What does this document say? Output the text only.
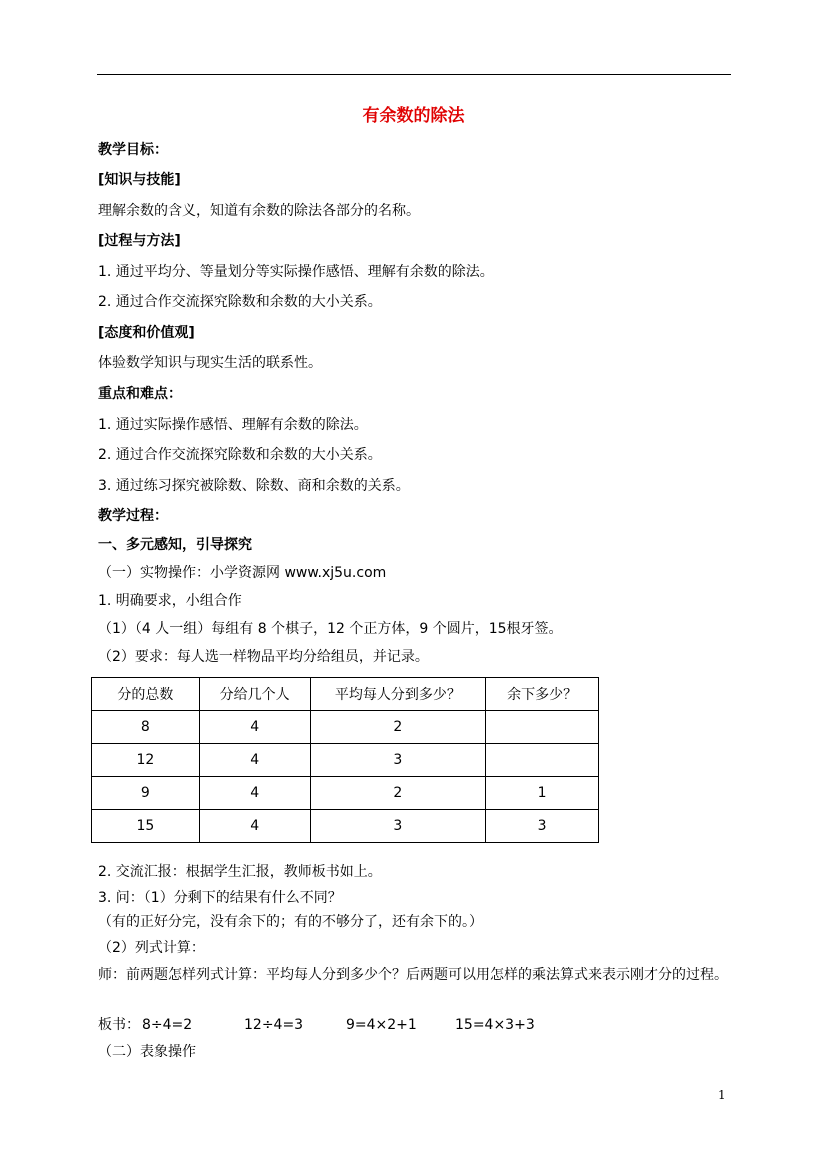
有余数的除法
教学目标：
[知识与技能]
理解余数的含义，知道有余数的除法各部分的名称。
[过程与方法]
1. 通过平均分、等量划分等实际操作感悟、理解有余数的除法。
2. 通过合作交流探究除数和余数的大小关系。
[态度和价值观]
体验数学知识与现实生活的联系性。
重点和难点：
1. 通过实际操作感悟、理解有余数的除法。
2. 通过合作交流探究除数和余数的大小关系。
3. 通过练习探究被除数、除数、商和余数的关系。
教学过程：
一、多元感知，引导探究
（一）实物操作：小学资源网 www.xj5u.com
1. 明确要求，小组合作
（1）（4 人一组）每组有 8 个棋子，12 个正方体，9 个圆片，15根牙签。
（2）要求：每人选一样物品平均分给组员，并记录。
分的总数	分给几个人	平均每人分到多少？	余下多少？
8	4	2	
12	4	3	
9	4	2	1
15	4	3	3
2. 交流汇报：根据学生汇报，教师板书如上。
3. 问：（1）分剩下的结果有什么不同？
（有的正好分完，没有余下的；有的不够分了，还有余下的。）
（2）列式计算：
师：前两题怎样列式计算：平均每人分到多少个？后两题可以用怎样的乘法算式来表示刚才分的过程。
板书： 8÷4=2	12÷4=3	9=4×2+1	15=4×3+3
（二）表象操作
1
